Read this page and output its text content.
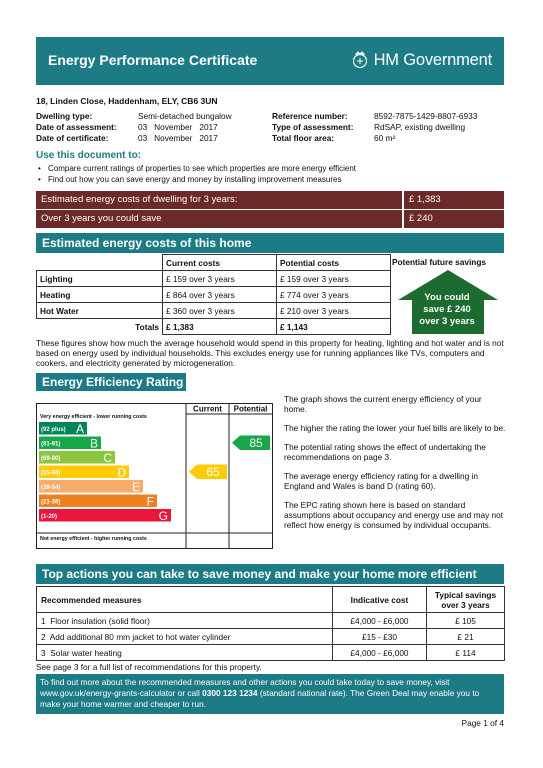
Energy Performance Certificate	HM Government
18, Linden Close, Haddenham, ELY, CB6 3UN
Dwelling type:	Semi-detached bungalow
Date of assessment:	03   November   2017
Date of certificate:	03   November   2017
Reference number:	8592-7875-1429-8807-6933
Type of assessment: RdSAP, existing dwelling
Total floor area:	60 m²
Use this document to:
• Compare current ratings of properties to see which properties are more energy efficient
• Find out how you can save energy and money by installing improvement measures
Estimated energy costs of dwelling for 3 years:	£ 1,383
Over 3 years you could save	£ 240
Estimated energy costs of this home
	Current costs	Potential costs
Lighting	£ 159 over 3 years	£ 159 over 3 years
Heating	£ 864 over 3 years	£ 774 over 3 years
Hot Water	£ 360 over 3 years	£ 210 over 3 years
Totals	£ 1,383	£ 1,143
Potential future savings
You could
save £ 240
over 3 years
These figures show how much the average household would spend in this property for heating, lighting and hot water and is not based on energy used by individual households. This excludes energy use for running appliances like TVs, computers and cookers, and electricity generated by microgeneration.
Energy Efficiency Rating
Current Potential
Very energy efficient - lower running costs
Not energy efficient - higher running costs
(92 plus) A
(81-91) B
(69-80)	C
(55-68)	D
(39-54)	E
(21-38)	F
(1-20)	G
65
85

The graph shows the current energy efficiency of your home.

The higher the rating the lower your fuel bills are likely to be.

The potential rating shows the effect of undertaking the recommendations on page 3.

The average energy efficiency rating for a dwelling in England and Wales is band D (rating 60).

The EPC rating shown here is based on standard assumptions about occupancy and energy use and may not reflect how energy is consumed by individual occupants.

Top actions you can take to save money and make your home more efficient
Recommended measures	Indicative cost	Typical savings
over 3 years

1  Floor insulation (solid floor)	£4,000 - £6,000	£ 105
2  Add additional 80 mm jacket to hot water cylinder	£15 - £30	£ 21
3  Solar water heating	£4,000 - £6,000	£ 114
See page 3 for a full list of recommendations for this property.
To find out more about the recommended measures and other actions you could take today to save money, visit
www.gov.uk/energy-grants-calculator or call 0300 123 1234 (standard national rate). The Green Deal may enable you to
make your home warmer and cheaper to run.
Page 1 of 4
